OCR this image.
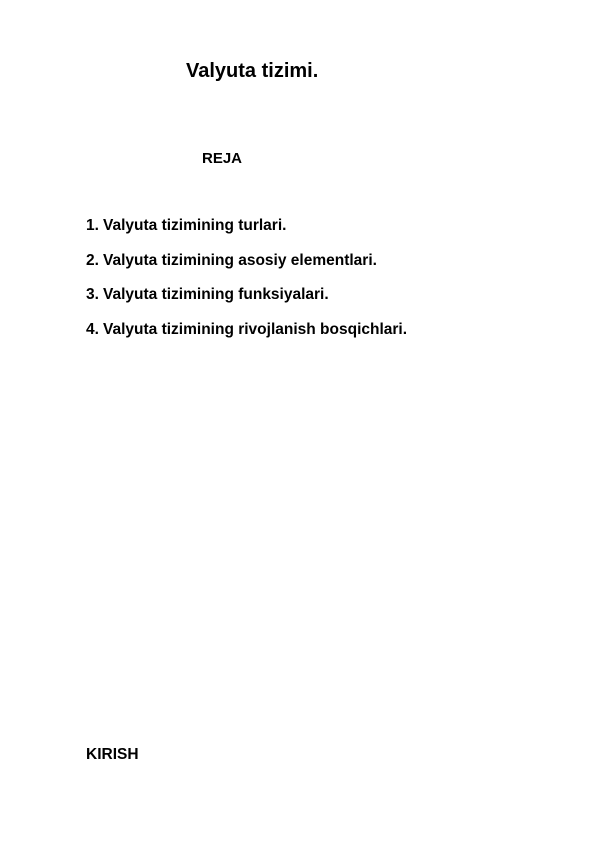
Valyuta tizimi.
REJA
1. Valyuta tizimining turlari.
2. Valyuta tizimining asosiy elementlari.
3. Valyuta tizimining funksiyalari.
4. Valyuta tizimining rivojlanish bosqichlari.
KIRISH
